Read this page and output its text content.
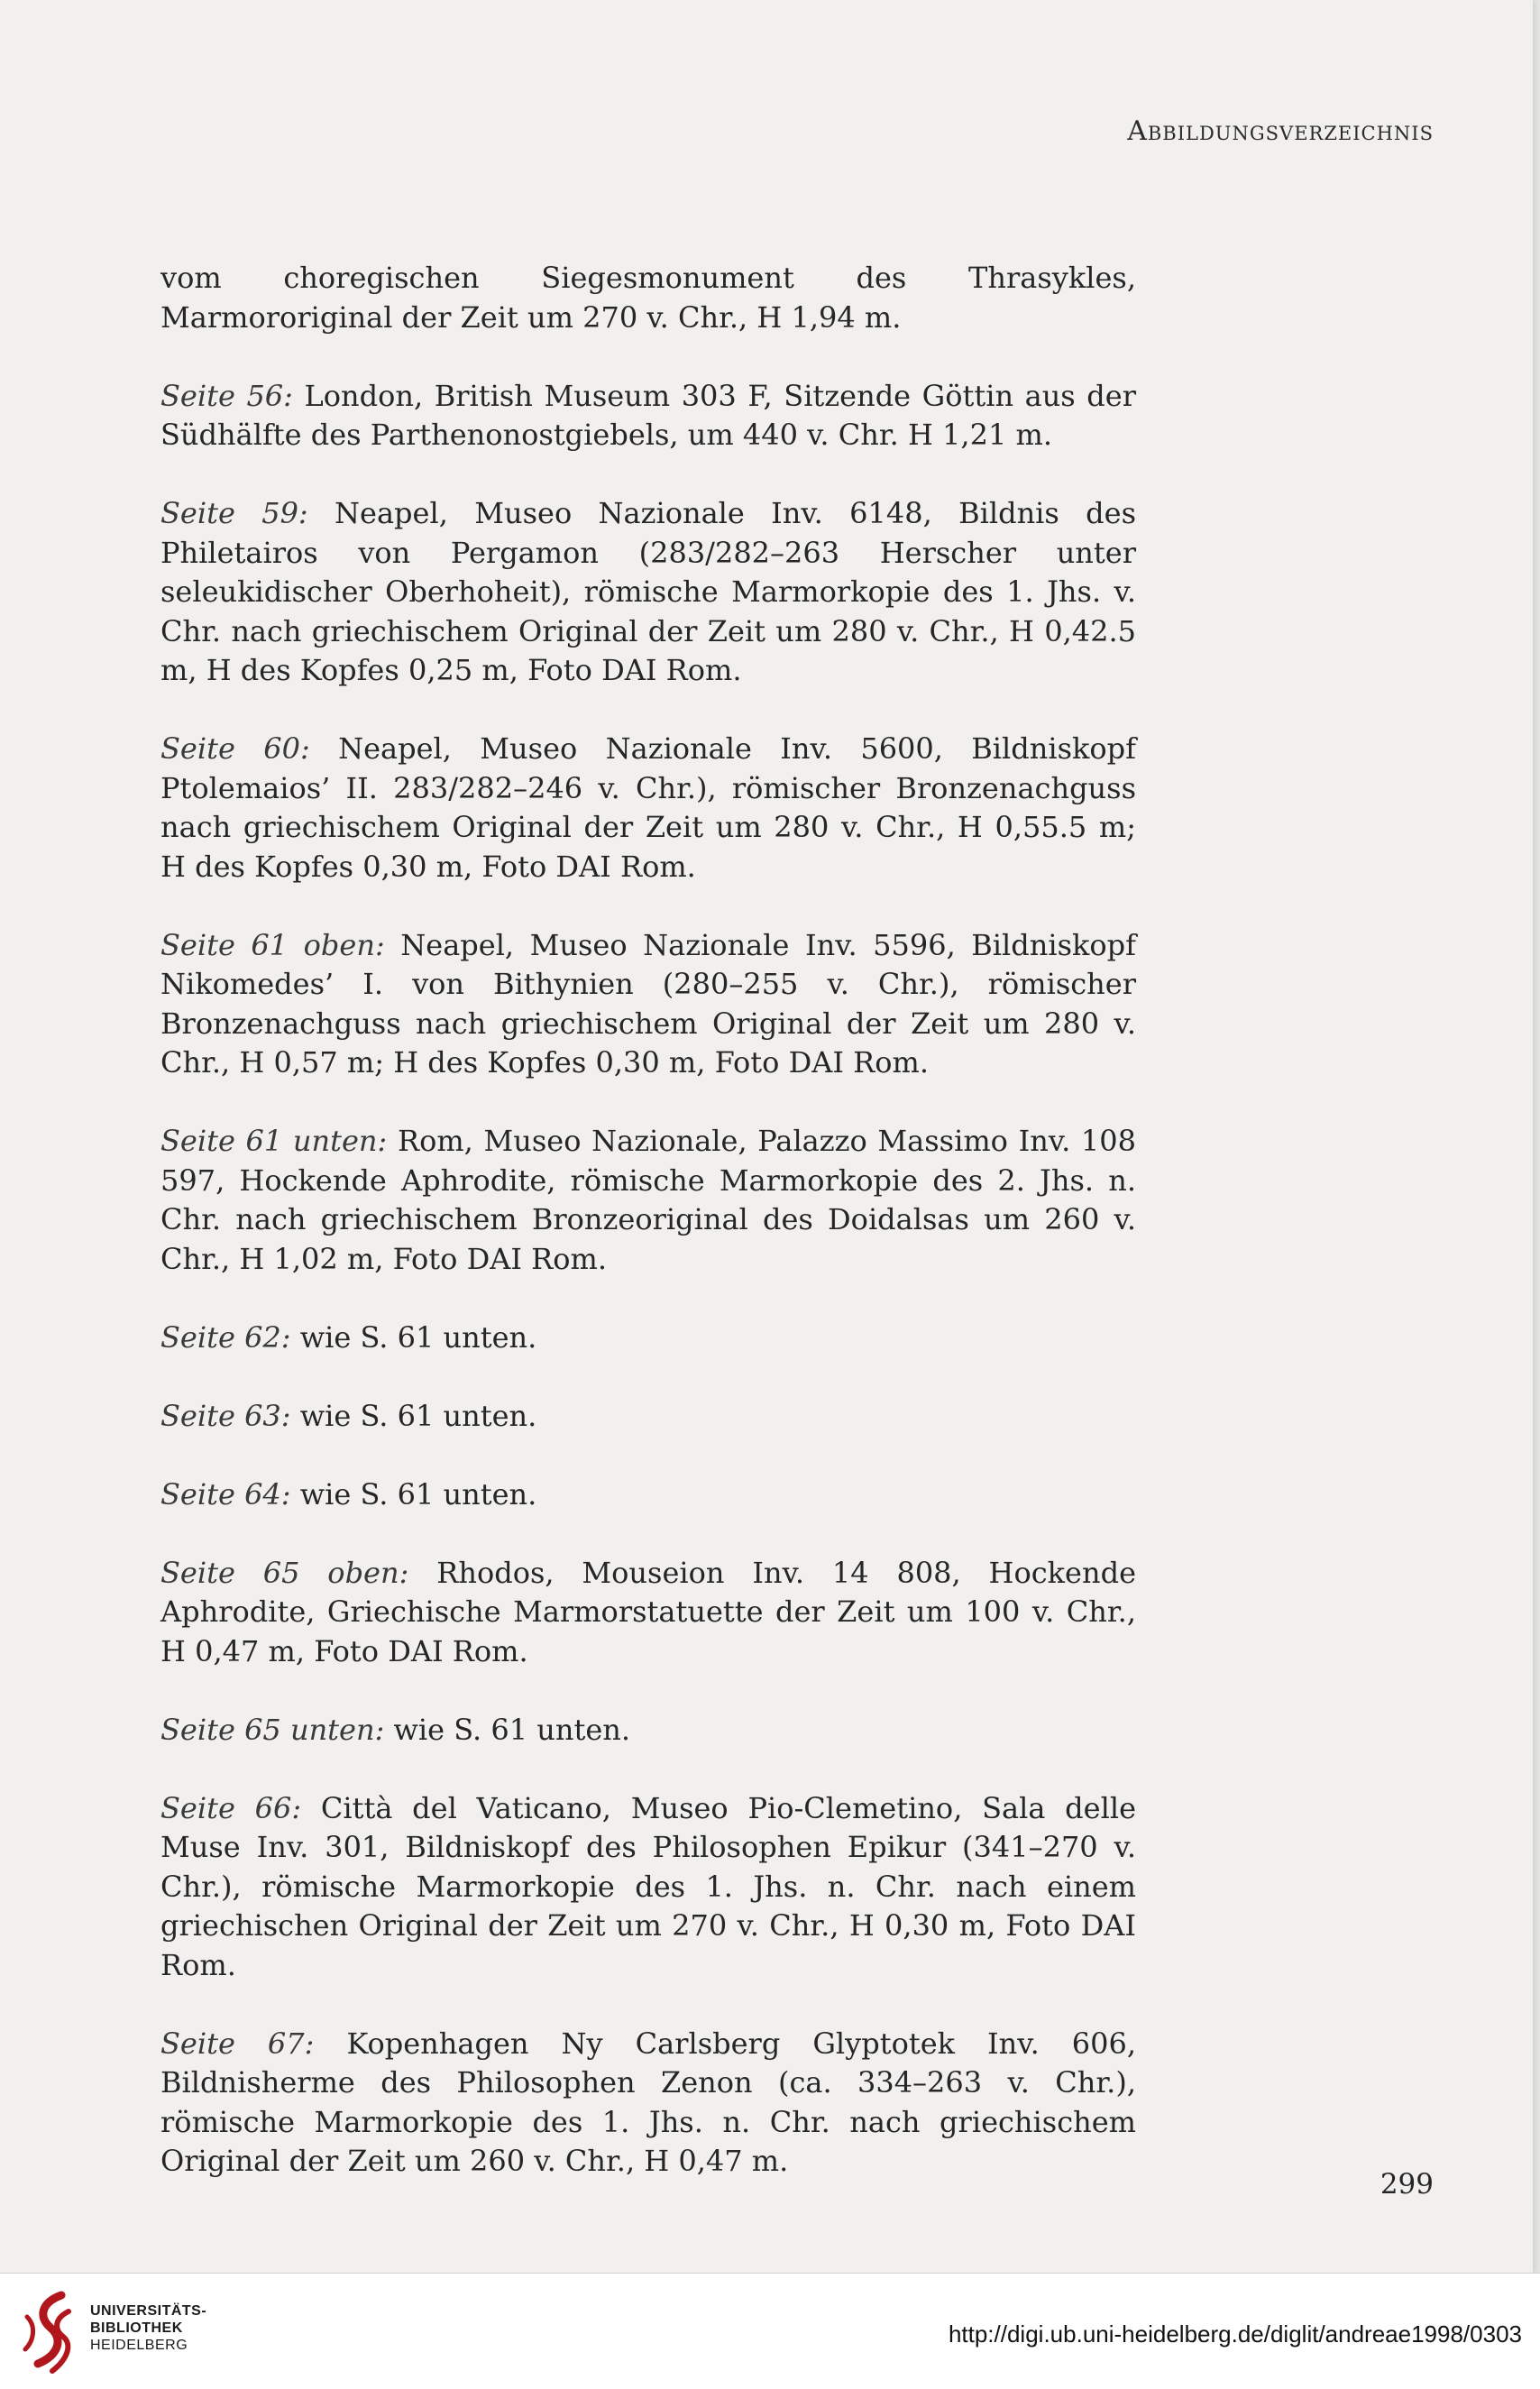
Abbildungsverzeichnis

vom choregischen Siegesmonument des Thrasykles, Marmororiginal der Zeit um 270 v. Chr., H 1,94 m.

Seite 56: London, British Museum 303 F, Sitzende Göttin aus der Südhälfte des Parthenonostgiebels, um 440 v. Chr. H 1,21 m.

Seite 59: Neapel, Museo Nazionale Inv. 6148, Bildnis des Philetairos von Pergamon (283/282–263 Herscher unter seleukidischer Oberhoheit), römische Marmorkopie des 1. Jhs. v. Chr. nach griechischem Original der Zeit um 280 v. Chr., H 0,42.5 m, H des Kopfes 0,25 m, Foto DAI Rom.

Seite 60: Neapel, Museo Nazionale Inv. 5600, Bildniskopf Ptolemaios’ II. 283/282–246 v. Chr.), römischer Bronzenachguss nach griechischem Original der Zeit um 280 v. Chr., H 0,55.5 m; H des Kopfes 0,30 m, Foto DAI Rom.

Seite 61 oben: Neapel, Museo Nazionale Inv. 5596, Bildniskopf Nikomedes’ I. von Bithynien (280–255 v. Chr.), römischer Bronzenachguss nach griechischem Original der Zeit um 280 v. Chr., H 0,57 m; H des Kopfes 0,30 m, Foto DAI Rom.

Seite 61 unten: Rom, Museo Nazionale, Palazzo Massimo Inv. 108 597, Hockende Aphrodite, römische Marmorkopie des 2. Jhs. n. Chr. nach griechischem Bronzeoriginal des Doidalsas um 260 v. Chr., H 1,02 m, Foto DAI Rom.

Seite 62: wie S. 61 unten.

Seite 63: wie S. 61 unten.

Seite 64: wie S. 61 unten.

Seite 65 oben: Rhodos, Mouseion Inv. 14 808, Hockende Aphrodite, Griechische Marmorstatuette der Zeit um 100 v. Chr., H 0,47 m, Foto DAI Rom.

Seite 65 unten: wie S. 61 unten.

Seite 66: Città del Vaticano, Museo Pio-Clemetino, Sala delle Muse Inv. 301, Bildniskopf des Philosophen Epikur (341–270 v. Chr.), römische Marmorkopie des 1. Jhs. n. Chr. nach einem griechischen Original der Zeit um 270 v. Chr., H 0,30 m, Foto DAI Rom.

Seite 67: Kopenhagen Ny Carlsberg Glyptotek Inv. 606, Bildnisherme des Philosophen Zenon (ca. 334–263 v. Chr.), römische Marmorkopie des 1. Jhs. n. Chr. nach griechischem Original der Zeit um 260 v. Chr., H 0,47 m.

299
UNIVERSITÄTS-
BIBLIOTHEK
HEIDELBERG	http://digi.ub.uni-heidelberg.de/diglit/andreae1998/0303
